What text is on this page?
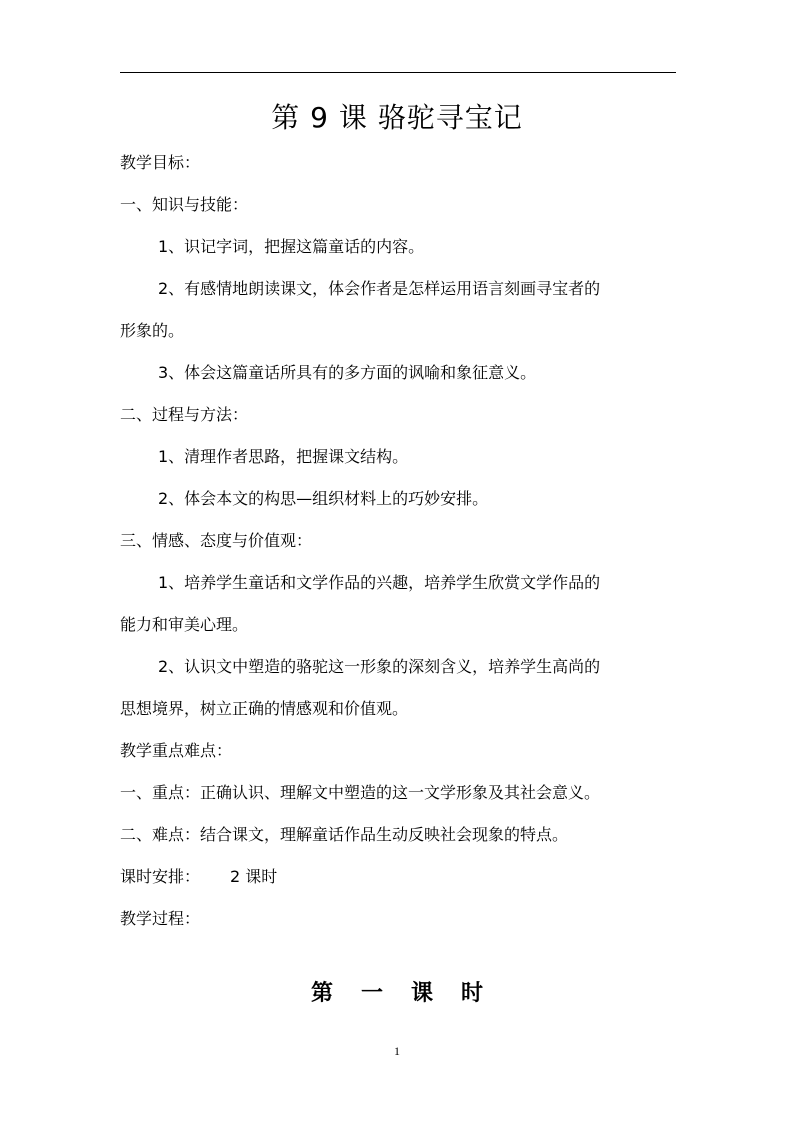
第 9 课 骆驼寻宝记
教学目标：
一、知识与技能：
1、识记字词，把握这篇童话的内容。
2、有感情地朗读课文，体会作者是怎样运用语言刻画寻宝者的
形象的。
3、体会这篇童话所具有的多方面的讽喻和象征意义。
二、过程与方法：
1、清理作者思路，把握课文结构。
2、体会本文的构思—组织材料上的巧妙安排。
三、情感、态度与价值观：
1、培养学生童话和文学作品的兴趣，培养学生欣赏文学作品的
能力和审美心理。
2、认识文中塑造的骆驼这一形象的深刻含义，培养学生高尚的
思想境界，树立正确的情感观和价值观。
教学重点难点：
一、重点：正确认识、理解文中塑造的这一文学形象及其社会意义。
二、难点：结合课文，理解童话作品生动反映社会现象的特点。
课时安排： 2 课时
教学过程：
第一课时
1
